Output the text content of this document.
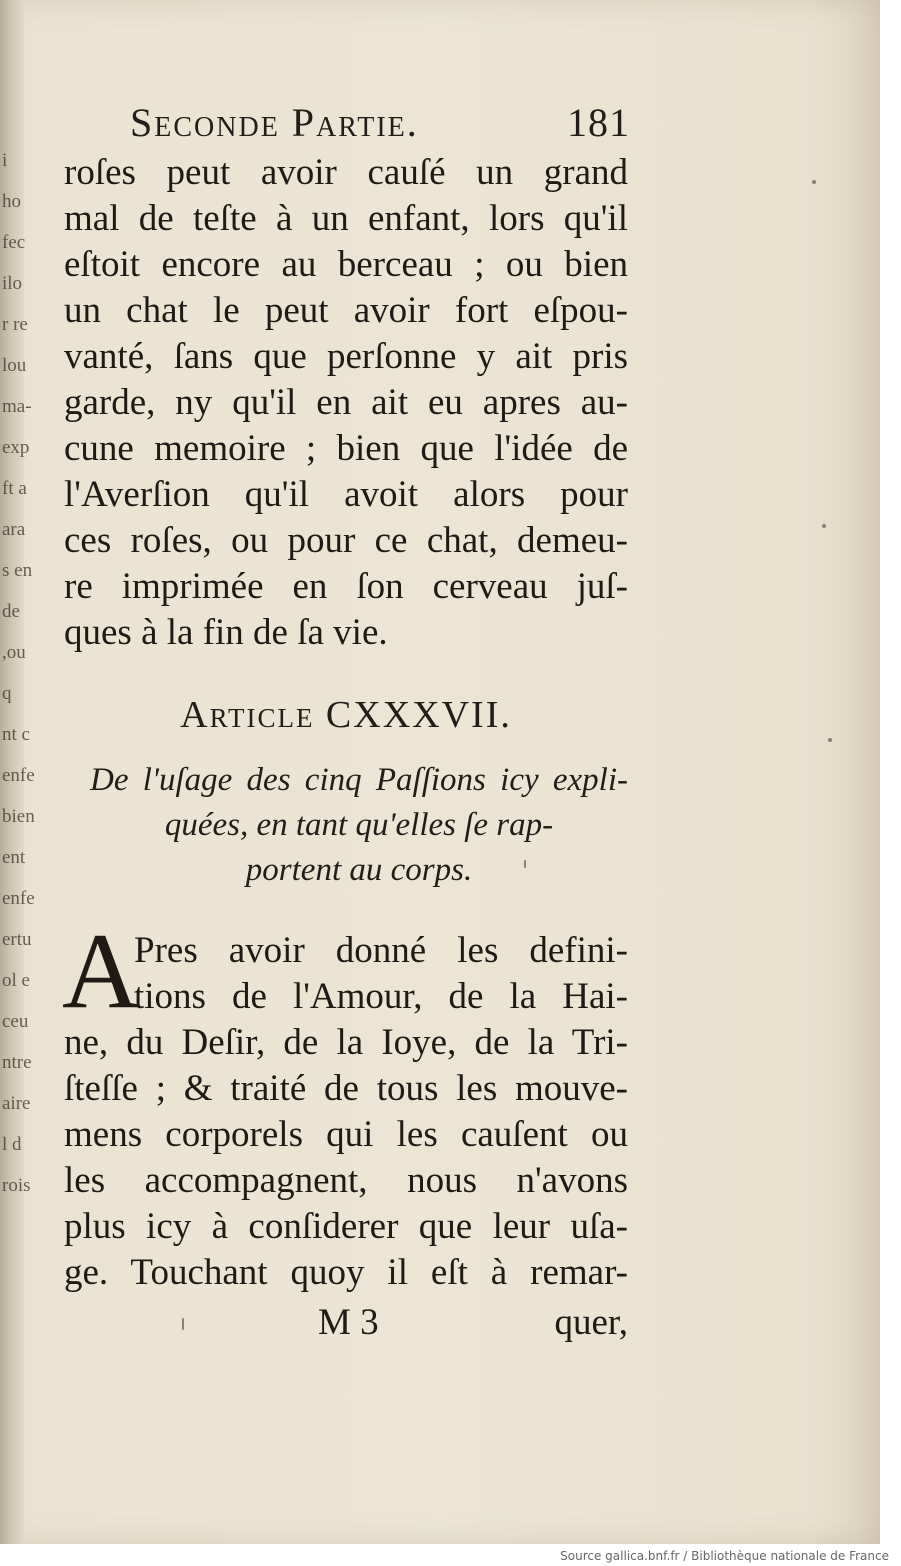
i
ho
fec
ilo
r re
lou
ma-
exp
ft a
ara
s en
de
,ou
q
nt c
enfe
bien
ent
enfe
ertu
ol e
ceu
ntre
aire
l d
rois
Seconde Partie.	181
roſes peut avoir cauſé un grand
mal de teſte à un enfant, lors qu'il
eſtoit encore au berceau ; ou bien
un chat le peut avoir fort eſpou-
vanté, ſans que perſonne y ait pris
garde, ny qu'il en ait eu apres au-
cune memoire ; bien que l'idée de
l'Averſion qu'il avoit alors pour
ces roſes, ou pour ce chat, demeu-
re imprimée en ſon cerveau juſ-
ques à la fin de ſa vie.
Article CXXXVII.
De l'uſage des cinq Paſſions icy expli-
quées, en tant qu'elles ſe rap-
portent au corps.
A
Pres avoir donné les defini-
tions de l'Amour, de la Hai-
ne, du Deſir, de la Ioye, de la Tri-
ſteſſe ; & traité de tous les mouve-
mens corporels qui les cauſent ou
les accompagnent, nous n'avons
plus icy à conſiderer que leur uſa-
ge. Touchant quoy il eſt à remar-
M 3	quer,
Source gallica.bnf.fr / Bibliothèque nationale de France
